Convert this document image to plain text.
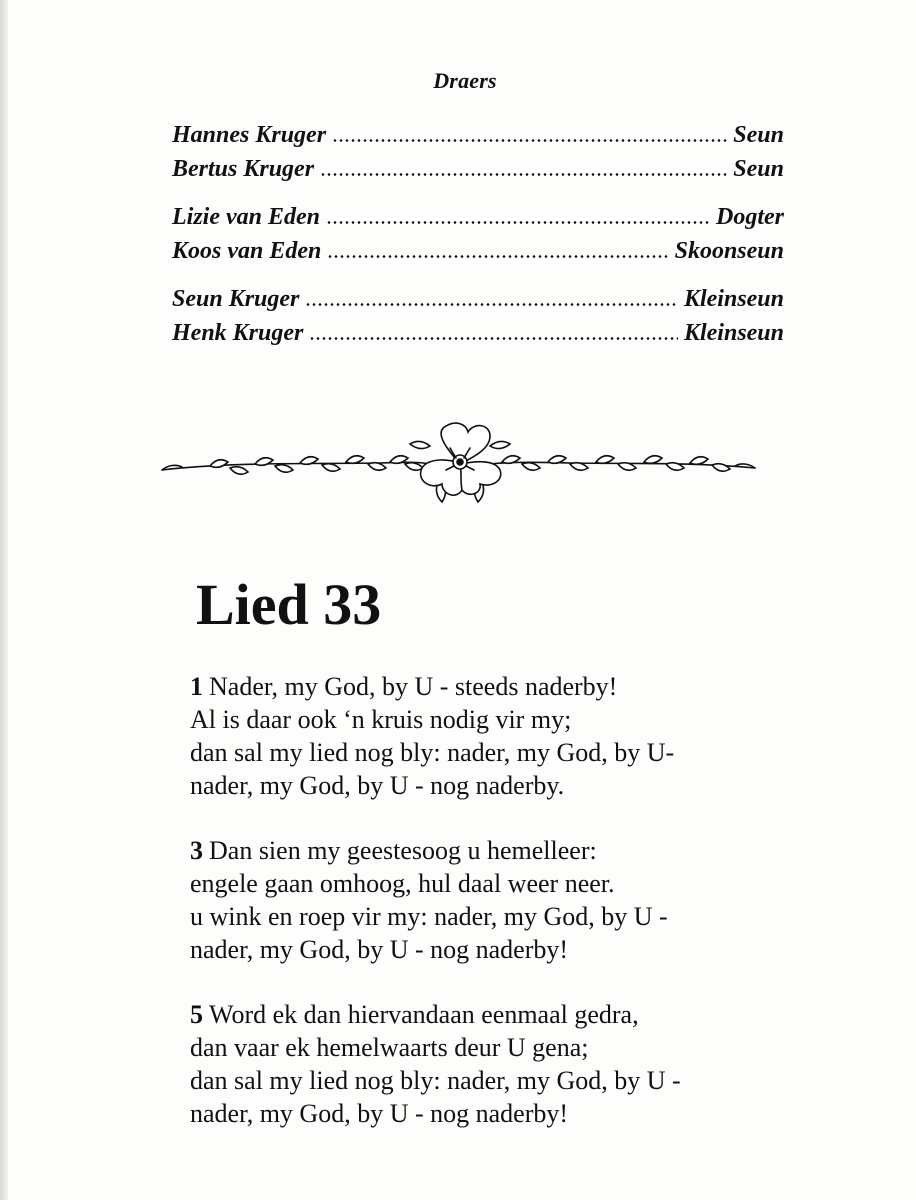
Draers
Hannes Kruger	Seun
Bertus Kruger	Seun
Lizie van Eden	Dogter
Koos van Eden	Skoonseun
Seun Kruger	Kleinseun
Henk Kruger	Kleinseun
Lied 33
1 Nader, my God, by U - steeds naderby!
Al is daar ook ‘n kruis nodig vir my;
dan sal my lied nog bly: nader, my God, by U-
nader, my God, by U - nog naderby.
3 Dan sien my geestesoog u hemelleer:
engele gaan omhoog, hul daal weer neer.
u wink en roep vir my: nader, my God, by U -
nader, my God, by U - nog naderby!
5 Word ek dan hiervandaan eenmaal gedra,
dan vaar ek hemelwaarts deur U gena;
dan sal my lied nog bly: nader, my God, by U -
nader, my God, by U - nog naderby!
